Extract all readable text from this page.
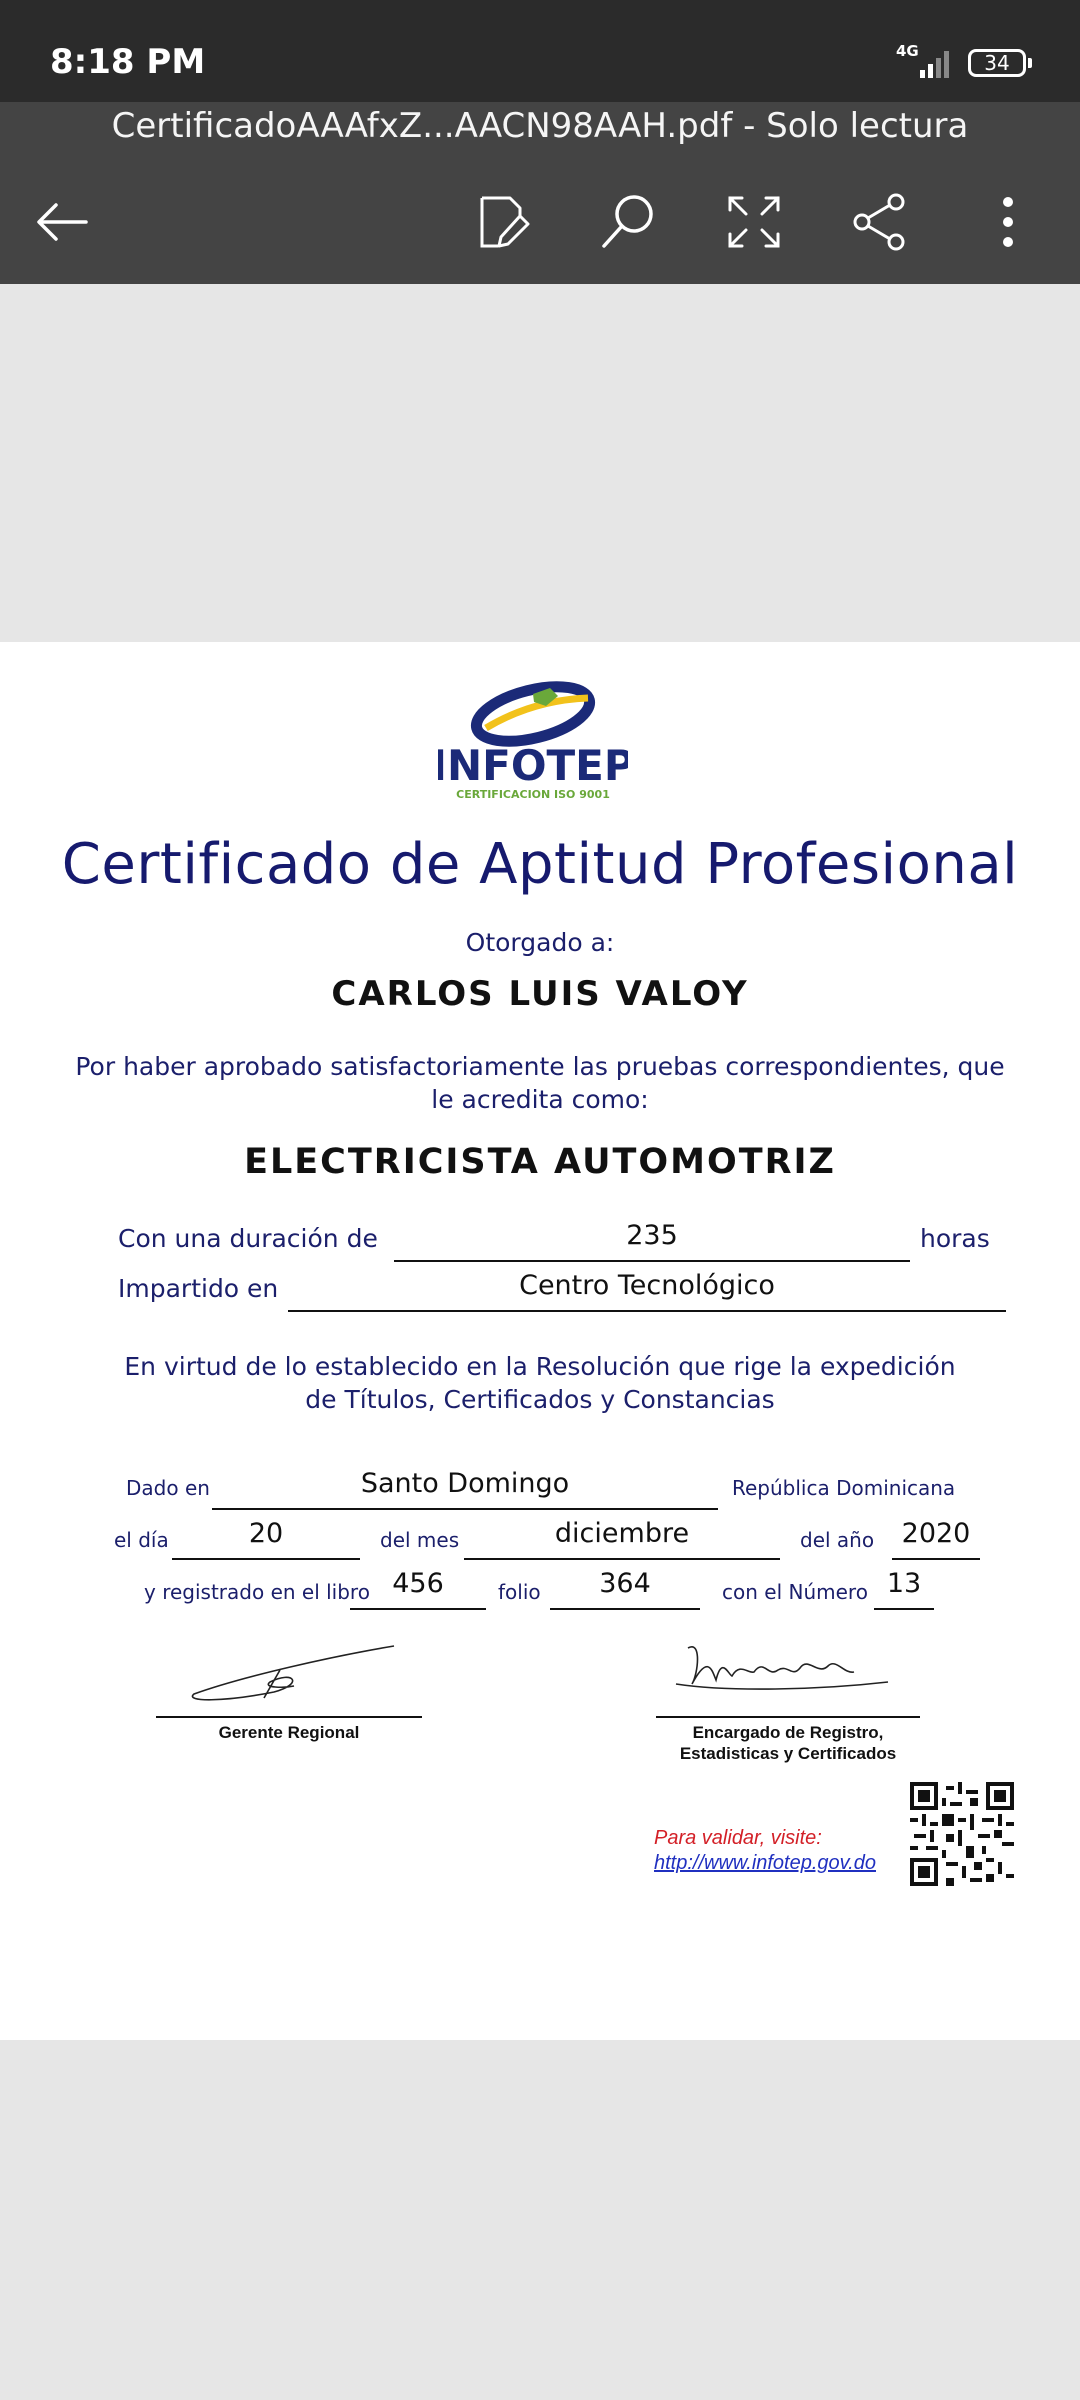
8:18 PM	4G	34
CertificadoAAAfxZ...AACN98AAH.pdf - Solo lectura
INFOTEP
CERTIFICACION ISO 9001
Certificado de Aptitud Profesional
Otorgado a:
CARLOS LUIS VALOY
Por haber aprobado satisfactoriamente las pruebas correspondientes, que
le acredita como:
ELECTRICISTA AUTOMOTRIZ
Con una duración de	235	horas
Impartido en	Centro Tecnológico
En virtud de lo establecido en la Resolución que rige la expedición
de Títulos, Certificados y Constancias
Dado en	Santo Domingo	República Dominicana
el día	20	del mes	diciembre	del año	2020
y registrado en el libro 456	folio	364	con el Número 13
Gerente Regional	Encargado de Registro,
Estadisticas y Certificados
Para validar, visite:
http://www.infotep.gov.do
